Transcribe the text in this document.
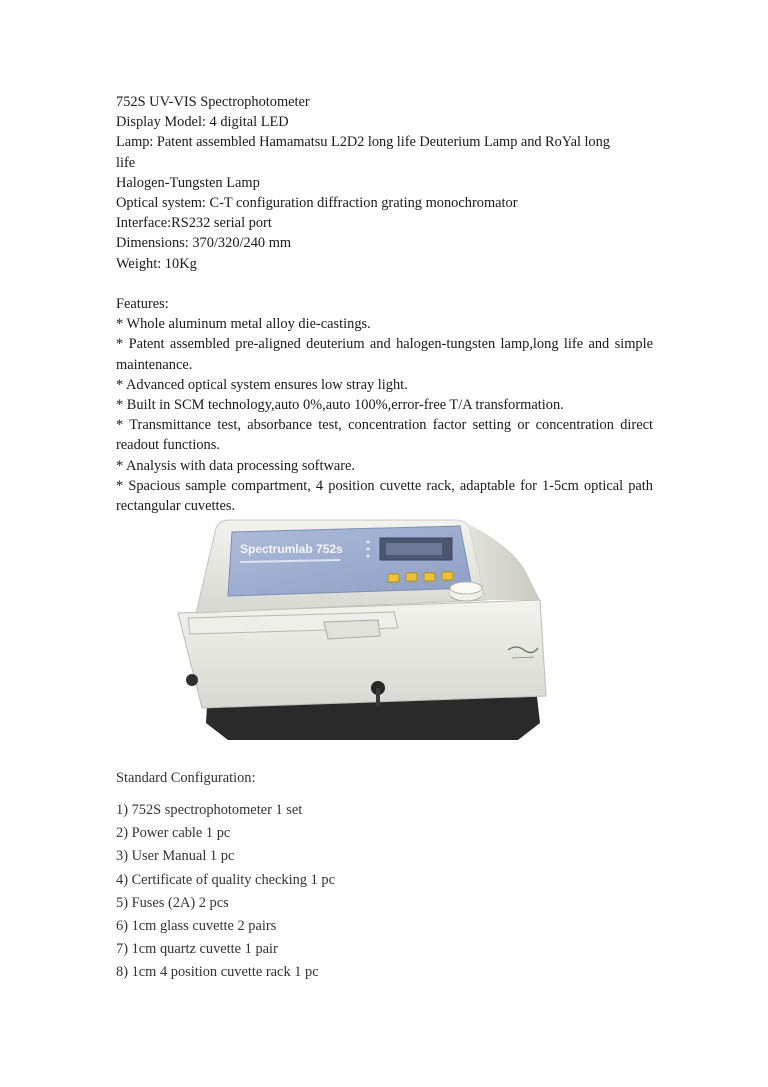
752S UV-VIS Spectrophotometer
Display Model: 4 digital LED
Lamp: Patent assembled Hamamatsu L2D2 long life Deuterium Lamp and RoYal long
life
Halogen-Tungsten Lamp
Optical system: C-T configuration diffraction grating monochromator
Interface:RS232 serial port
Dimensions: 370/320/240 mm
Weight: 10Kg
Features:
* Whole aluminum metal alloy die-castings.
* Patent assembled pre-aligned deuterium and halogen-tungsten lamp,long life and simple maintenance.
* Advanced optical system ensures low stray light.
* Built in SCM technology,auto 0%,auto 100%,error-free T/A transformation.
* Transmittance test, absorbance test, concentration factor setting or concentration direct readout functions.
* Analysis with data processing software.
* Spacious sample compartment, 4 position cuvette rack, adaptable for 1-5cm optical path rectangular cuvettes.
Spectrumlab 752s
Standard Configuration:
1) 752S spectrophotometer 1 set
2) Power cable 1 pc
3) User Manual 1 pc
4) Certificate of quality checking 1 pc
5) Fuses (2A) 2 pcs
6) 1cm glass cuvette 2 pairs
7) 1cm quartz cuvette 1 pair
8) 1cm 4 position cuvette rack 1 pc
